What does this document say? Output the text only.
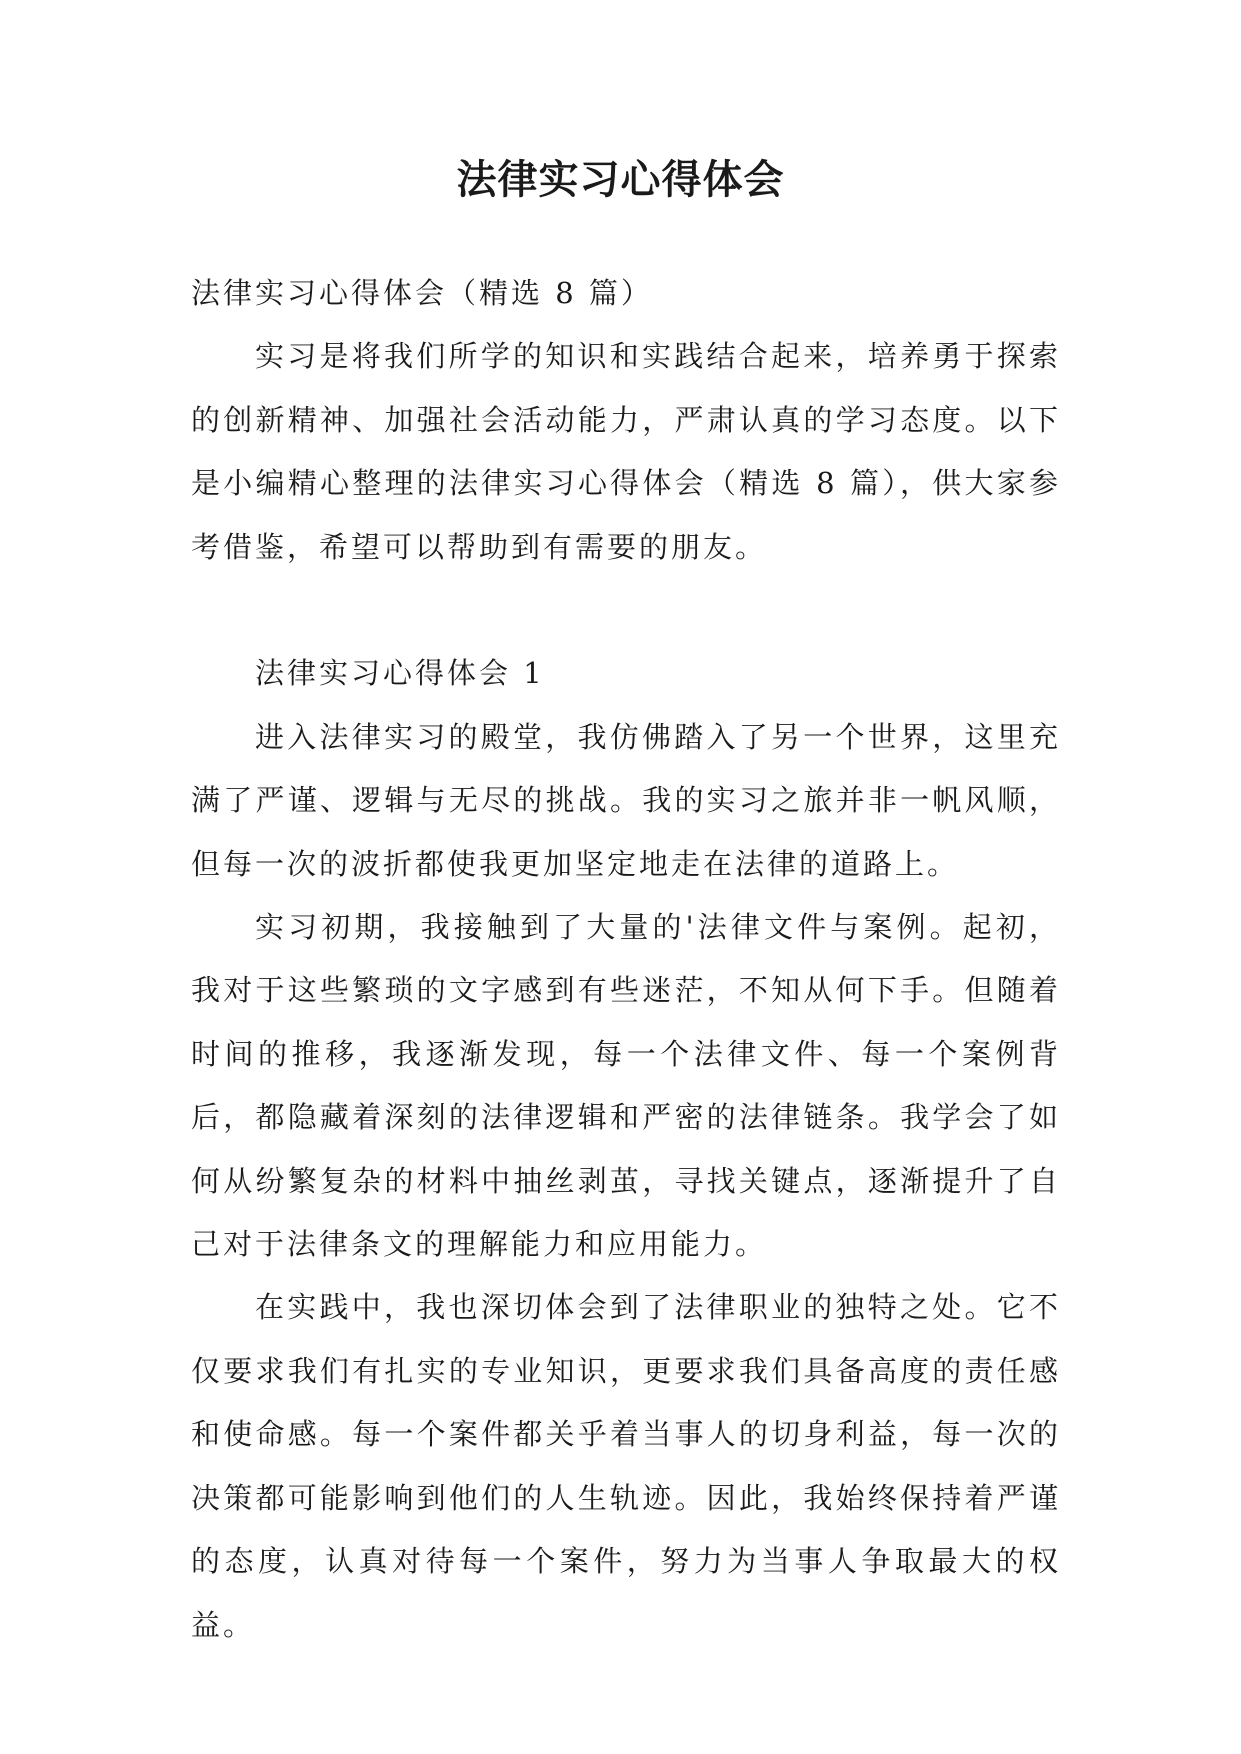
法律实习心得体会

法律实习心得体会（精选 8 篇）

实习是将我们所学的知识和实践结合起来，培养勇于探索的创新精神、加强社会活动能力，严肃认真的学习态度。以下是小编精心整理的法律实习心得体会（精选 8 篇），供大家参考借鉴，希望可以帮助到有需要的朋友。

法律实习心得体会 1

进入法律实习的殿堂，我仿佛踏入了另一个世界，这里充满了严谨、逻辑与无尽的挑战。我的实习之旅并非一帆风顺，但每一次的波折都使我更加坚定地走在法律的道路上。

实习初期，我接触到了大量的'法律文件与案例。起初，我对于这些繁琐的文字感到有些迷茫，不知从何下手。但随着时间的推移，我逐渐发现，每一个法律文件、每一个案例背后，都隐藏着深刻的法律逻辑和严密的法律链条。我学会了如何从纷繁复杂的材料中抽丝剥茧，寻找关键点，逐渐提升了自己对于法律条文的理解能力和应用能力。

在实践中，我也深切体会到了法律职业的独特之处。它不仅要求我们有扎实的专业知识，更要求我们具备高度的责任感和使命感。每一个案件都关乎着当事人的切身利益，每一次的决策都可能影响到他们的人生轨迹。因此，我始终保持着严谨的态度，认真对待每一个案件，努力为当事人争取最大的权益。
